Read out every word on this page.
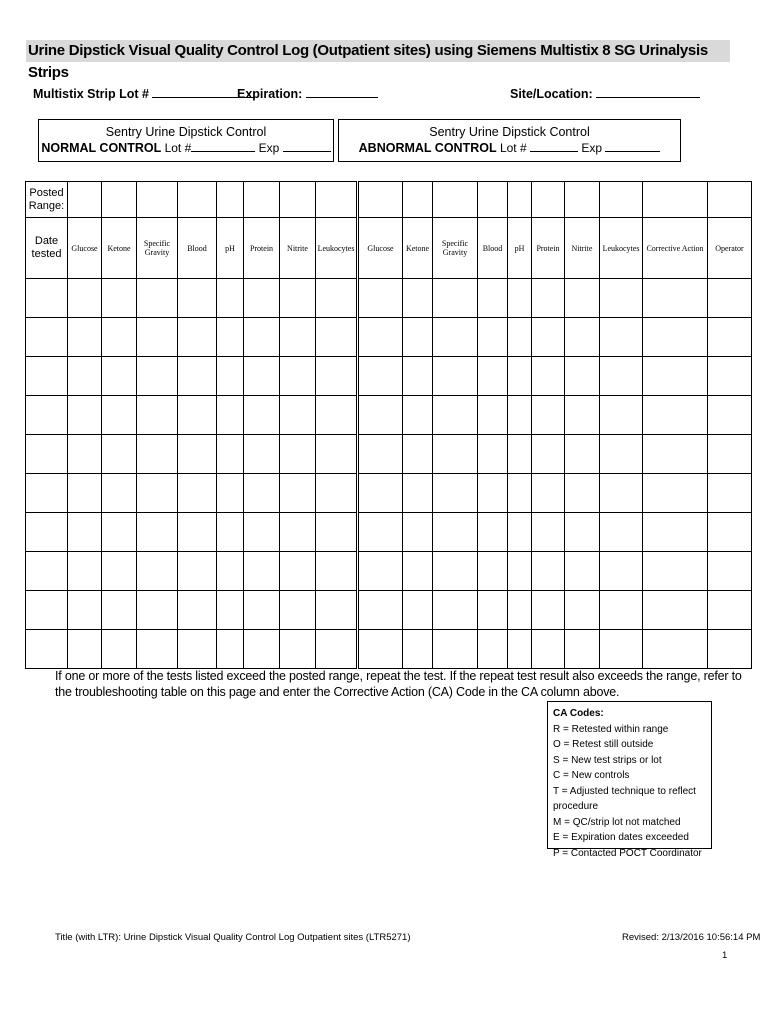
Urine Dipstick Visual Quality Control Log (Outpatient sites) using Siemens Multistix 8 SG Urinalysis Strips
Multistix Strip Lot #	Expiration:	Site/Location:
Sentry Urine Dipstick Control
NORMAL CONTROL Lot #	Exp
Sentry Urine Dipstick Control
ABNORMAL CONTROL Lot #	Exp
Posted Range:																		
Date tested	Glucose	Ketone	Specific Gravity	Blood	pH	Protein	Nitrite	Leukocytes	Glucose	Ketone	Specific Gravity	Blood	pH	Protein	Nitrite	Leukocytes	Corrective Action	Operator

If one or more of the tests listed exceed the posted range, repeat the test. If the repeat test result also exceeds the range, refer to the troubleshooting table on this page and enter the Corrective Action (CA) Code in the CA column above.
CA Codes:
R = Retested within range
O = Retest still outside
S = New test strips or lot
C = New controls
T = Adjusted technique to reflect procedure
M = QC/strip lot not matched
E = Expiration dates exceeded
P = Contacted POCT Coordinator
Title (with LTR): Urine Dipstick Visual Quality Control Log Outpatient sites (LTR5271)	Revised: 2/13/2016 10:56:14 PM
1
